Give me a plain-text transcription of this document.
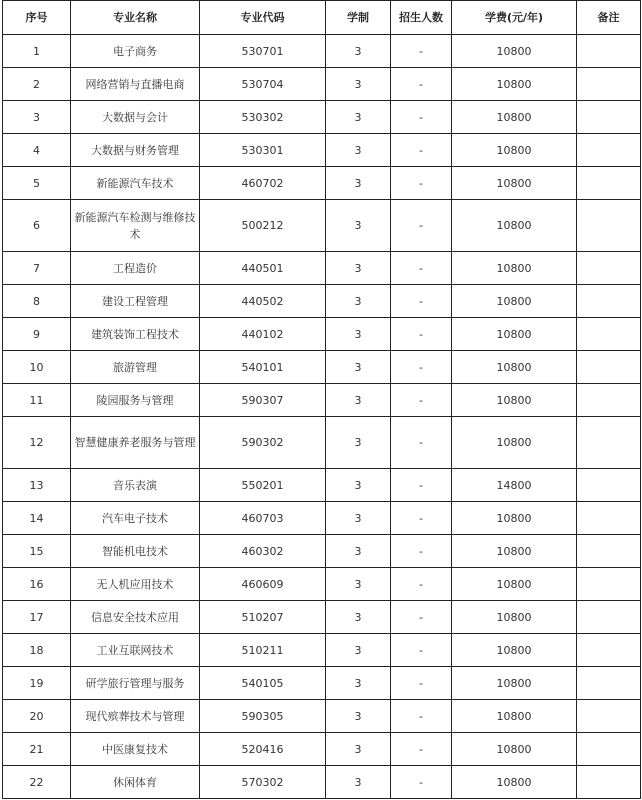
序号	专业名称	专业代码	学制	招生人数	学费(元/年)	备注
1	电子商务	530701	3	-	10800	
2	网络营销与直播电商	530704	3	-	10800	
3	大数据与会计	530302	3	-	10800	
4	大数据与财务管理	530301	3	-	10800	
5	新能源汽车技术	460702	3	-	10800	
6	新能源汽车检测与维修技术	500212	3	-	10800	
7	工程造价	440501	3	-	10800	
8	建设工程管理	440502	3	-	10800	
9	建筑装饰工程技术	440102	3	-	10800	
10	旅游管理	540101	3	-	10800	
11	陵园服务与管理	590307	3	-	10800	
12	智慧健康养老服务与管理	590302	3	-	10800	
13	音乐表演	550201	3	-	14800	
14	汽车电子技术	460703	3	-	10800	
15	智能机电技术	460302	3	-	10800	
16	无人机应用技术	460609	3	-	10800	
17	信息安全技术应用	510207	3	-	10800	
18	工业互联网技术	510211	3	-	10800	
19	研学旅行管理与服务	540105	3	-	10800	
20	现代殡葬技术与管理	590305	3	-	10800	
21	中医康复技术	520416	3	-	10800	
22	休闲体育	570302	3	-	10800	
